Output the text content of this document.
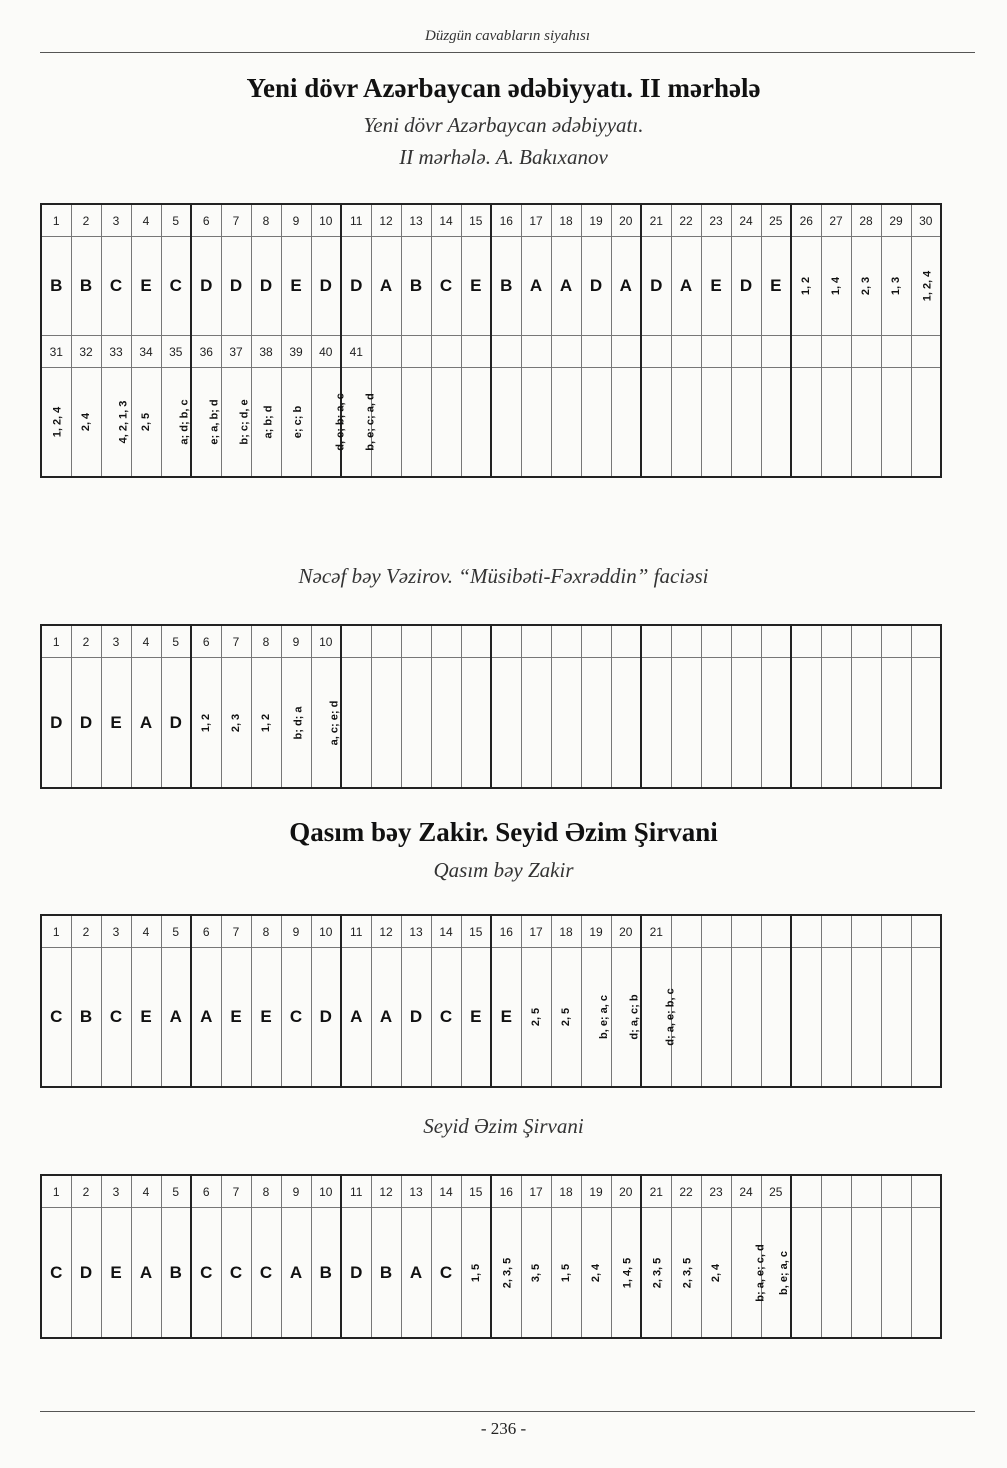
Düzgün cavabların siyahısı
Yeni dövr Azərbaycan ədəbiyyatı. II mərhələ
Yeni dövr Azərbaycan ədəbiyyatı.
II mərhələ. A. Bakıxanov
1	2	3	4	5	6	7	8	9	10	11	12	13	14	15	16	17	18	19	20	21	22	23	24	25	26	27	28	29	30
B	B	C	E	C	D	D	D	E	D	D	A	B	C	E	B	A	A	D	A	D	A	E	D	E	1, 2	1, 4	2, 3	1, 3	1, 2, 4
31	32	33	34	35	36	37	38	39	40	41																			
1, 2, 4	2, 4	4, 2, 1, 3	2, 5	a; d; b, c	e; a, b; d	b; c; d, e	a; b; d	e; c; b	d, e; b; a, c	b, e; c; a, d																			
Nəcəf bəy Vəzirov. “Müsibəti-Fəxrəddin” faciəsi
1	2	3	4	5	6	7	8	9	10																				
D	D	E	A	D	1, 2	2, 3	1, 2	b; d; a	a, c; e; d																				
Qasım bəy Zakir. Seyid Əzim Şirvani
Qasım bəy Zakir
1	2	3	4	5	6	7	8	9	10	11	12	13	14	15	16	17	18	19	20	21									
C	B	C	E	A	A	E	E	C	D	A	A	D	C	E	E	2, 5	2, 5	b, e; a, c	d; a, c; b	d; a, e; b, c									
Seyid Əzim Şirvani
1	2	3	4	5	6	7	8	9	10	11	12	13	14	15	16	17	18	19	20	21	22	23	24	25					
C	D	E	A	B	C	C	C	A	B	D	B	A	C	1, 5	2, 3, 5	3, 5	1, 5	2, 4	1, 4, 5	2, 3, 5	2, 3, 5	2, 4	b; a, e; c, d	b, e; a, c					
- 236 -
